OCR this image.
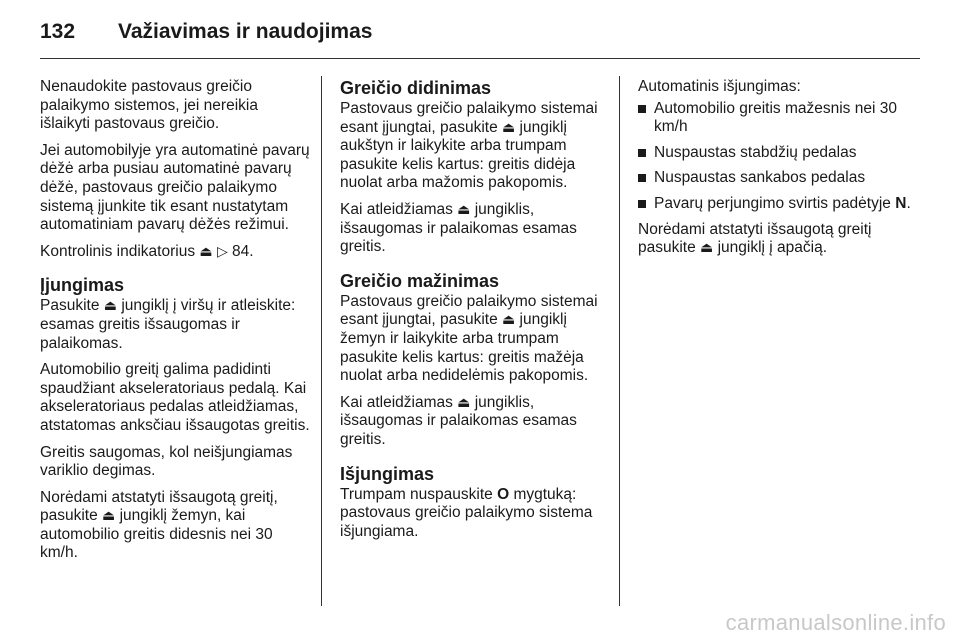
132 Važiavimas ir naudojimas

Nenaudokite pastovaus greičio palaikymo sistemos, jei nereikia išlaikyti pastovaus greičio.

Jei automobilyje yra automatinė pavarų dėžė arba pusiau automatinė pavarų dėžė, pastovaus greičio palaikymo sistemą įjunkite tik esant nustatytam automatiniam pavarų dėžės režimui.

Kontrolinis indikatorius ⏏ ▷ 84.

Įjungimas

Pasukite ⏏ jungiklį į viršų ir atleiskite: esamas greitis išsaugomas ir palaikomas.

Automobilio greitį galima padidinti spaudžiant akseleratoriaus pedalą. Kai akseleratoriaus pedalas atleidžiamas, atstatomas anksčiau išsaugotas greitis.

Greitis saugomas, kol neišjungiamas variklio degimas.

Norėdami atstatyti išsaugotą greitį, pasukite ⏏ jungiklį žemyn, kai automobilio greitis didesnis nei 30 km/h.

Greičio didinimas

Pastovaus greičio palaikymo sistemai esant įjungtai, pasukite ⏏ jungiklį aukštyn ir laikykite arba trumpam pasukite kelis kartus: greitis didėja nuolat arba mažomis pakopomis.

Kai atleidžiamas ⏏ jungiklis, išsaugomas ir palaikomas esamas greitis.

Greičio mažinimas

Pastovaus greičio palaikymo sistemai esant įjungtai, pasukite ⏏ jungiklį žemyn ir laikykite arba trumpam pasukite kelis kartus: greitis mažėja nuolat arba nedidelėmis pakopomis.

Kai atleidžiamas ⏏ jungiklis, išsaugomas ir palaikomas esamas greitis.

Išjungimas

Trumpam nuspauskite O mygtuką: pastovaus greičio palaikymo sistema išjungiama.

Automatinis išjungimas:

Automobilio greitis mažesnis nei 30 km/h
Nuspaustas stabdžių pedalas
Nuspaustas sankabos pedalas
Pavarų perjungimo svirtis padėtyje N.

Norėdami atstatyti išsaugotą greitį pasukite ⏏ jungiklį į apačią.

carmanualsonline.info
